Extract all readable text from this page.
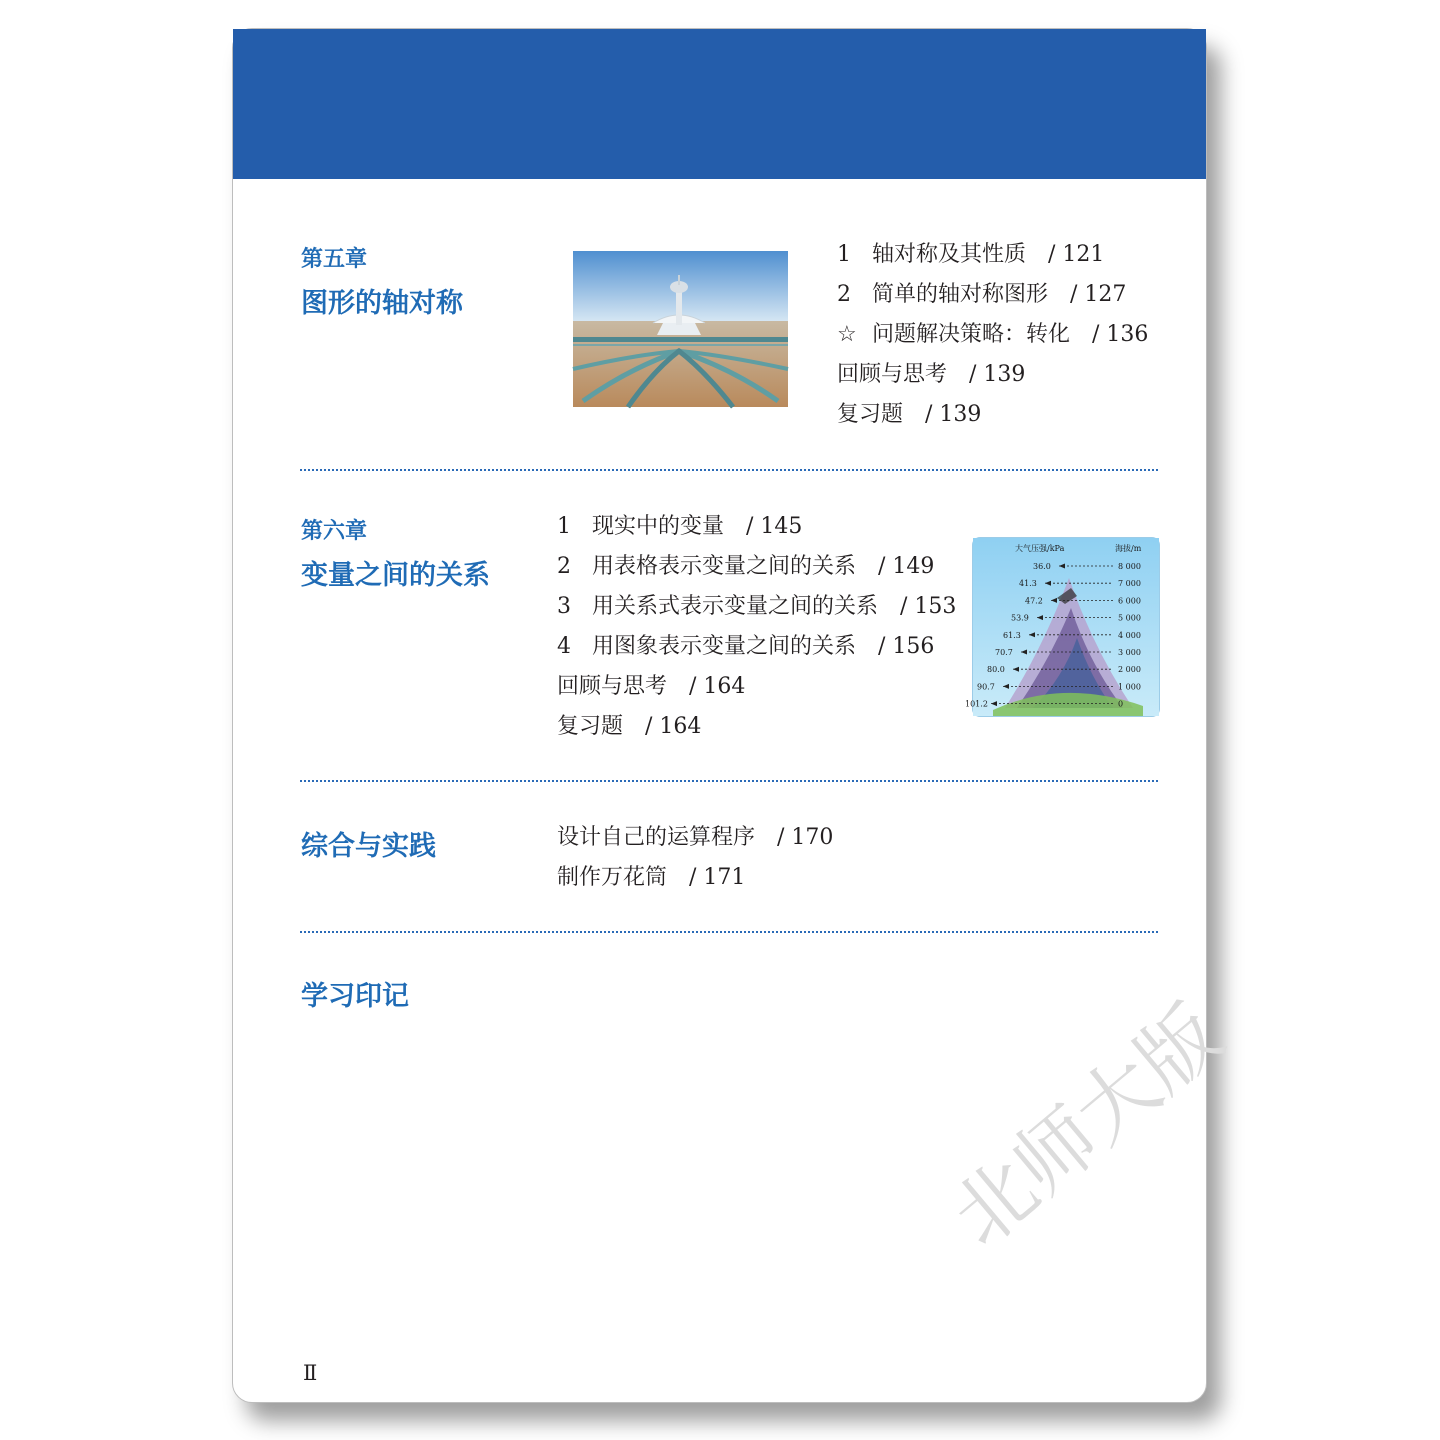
第五章
图形的轴对称
1 轴对称及其性质 / 121
2 简单的轴对称图形 / 127
☆ 问题解决策略：转化 / 136
回顾与思考 / 139
复习题 / 139
第六章
变量之间的关系
1 现实中的变量 / 145
2 用表格表示变量之间的关系 / 149
3 用关系式表示变量之间的关系 / 153
4 用图象表示变量之间的关系 / 156
回顾与思考 / 164
复习题 / 164
大气压强/kPa	海拔/m
36.0	8 000
41.3	7 000
47.2	6 000
53.9	5 000
61.3	4 000
70.7	3 000
80.0	2 000
90.7	1 000
101.2	0
综合与实践	设计自己的运算程序 / 170
制作万花筒 / 171
学习印记
Ⅱ
北师大版
